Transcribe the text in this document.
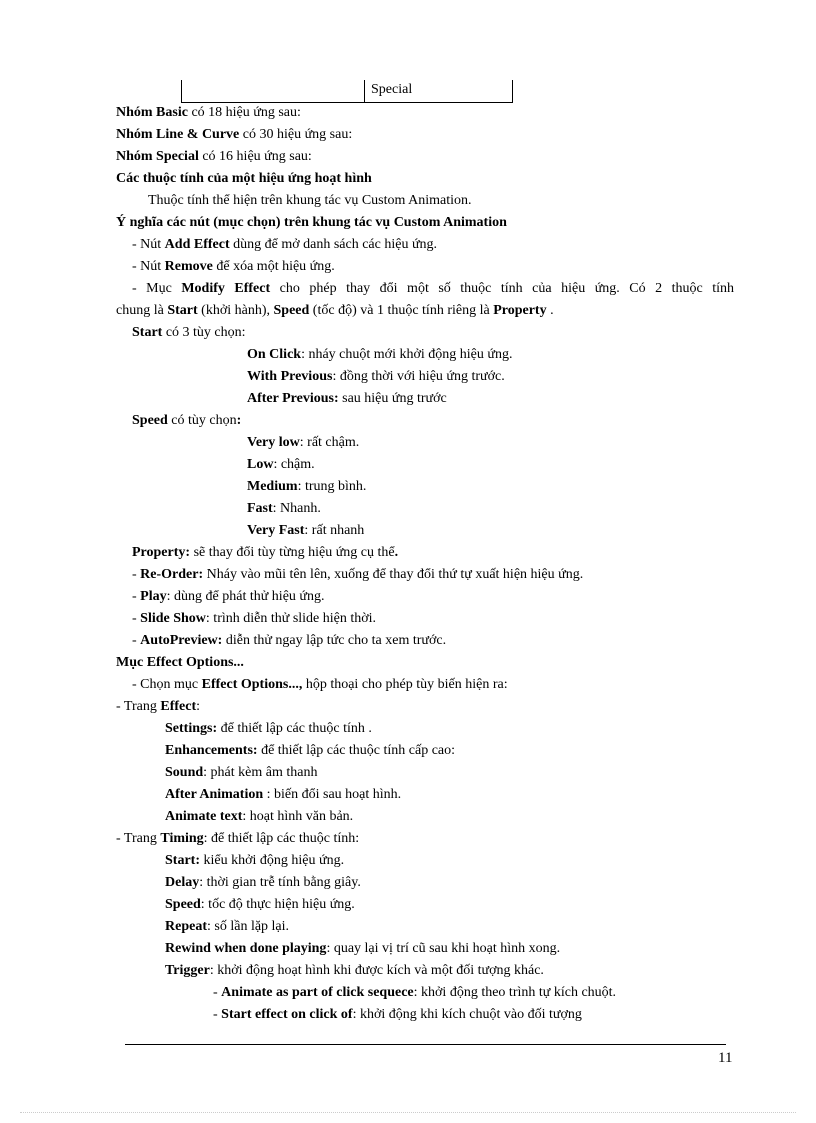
Special
Nhóm Basic có 18 hiệu ứng sau:
Nhóm Line & Curve có 30 hiệu ứng sau:
Nhóm Special có 16 hiệu ứng sau:
Các thuộc tính của một hiệu ứng hoạt hình
Thuộc tính thể hiện trên khung tác vụ Custom Animation.
Ý nghĩa các nút (mục chọn) trên khung tác vụ Custom Animation
- Nút Add Effect dùng để mở danh sách các hiệu ứng.
- Nút Remove để xóa một hiệu ứng.
- Mục Modify Effect cho phép thay đổi một số thuộc tính của hiệu ứng. Có 2 thuộc tính
chung là Start (khởi hành), Speed (tốc độ) và 1 thuộc tính riêng là Property .
Start có 3 tùy chọn:
On Click: nháy chuột mới khởi động hiệu ứng.
With Previous: đồng thời với hiệu ứng trước.
After Previous: sau hiệu ứng trước
Speed có tùy chọn:
Very low: rất chậm.
Low: chậm.
Medium: trung bình.
Fast: Nhanh.
Very Fast: rất nhanh
Property: sẽ thay đổi tùy từng hiệu ứng cụ thể.
- Re-Order: Nháy vào mũi tên lên, xuống để thay đổi thứ tự xuất hiện hiệu ứng.
- Play: dùng để phát thử hiệu ứng.
- Slide Show: trình diễn thử slide hiện thời.
- AutoPreview: diễn thử ngay lập tức cho ta xem trước.
Mục Effect Options...
- Chọn mục Effect Options..., hộp thoại cho phép tùy biến hiện ra:
- Trang Effect:
Settings: để thiết lập các thuộc tính .
Enhancements: để thiết lập các thuộc tính cấp cao:
Sound: phát kèm âm thanh
After Animation : biến đổi sau hoạt hình.
Animate text: hoạt hình văn bản.
- Trang Timing: để thiết lập các thuộc tính:
Start: kiểu khởi động hiệu ứng.
Delay: thời gian trễ tính bằng giây.
Speed: tốc độ thực hiện hiệu ứng.
Repeat: số lần lặp lại.
Rewind when done playing: quay lại vị trí cũ sau khi hoạt hình xong.
Trigger: khởi động hoạt hình khi được kích và một đối tượng khác.
- Animate as part of click sequece: khởi động theo trình tự kích chuột.
- Start effect on click of: khởi động khi kích chuột vào đối tượng
11
